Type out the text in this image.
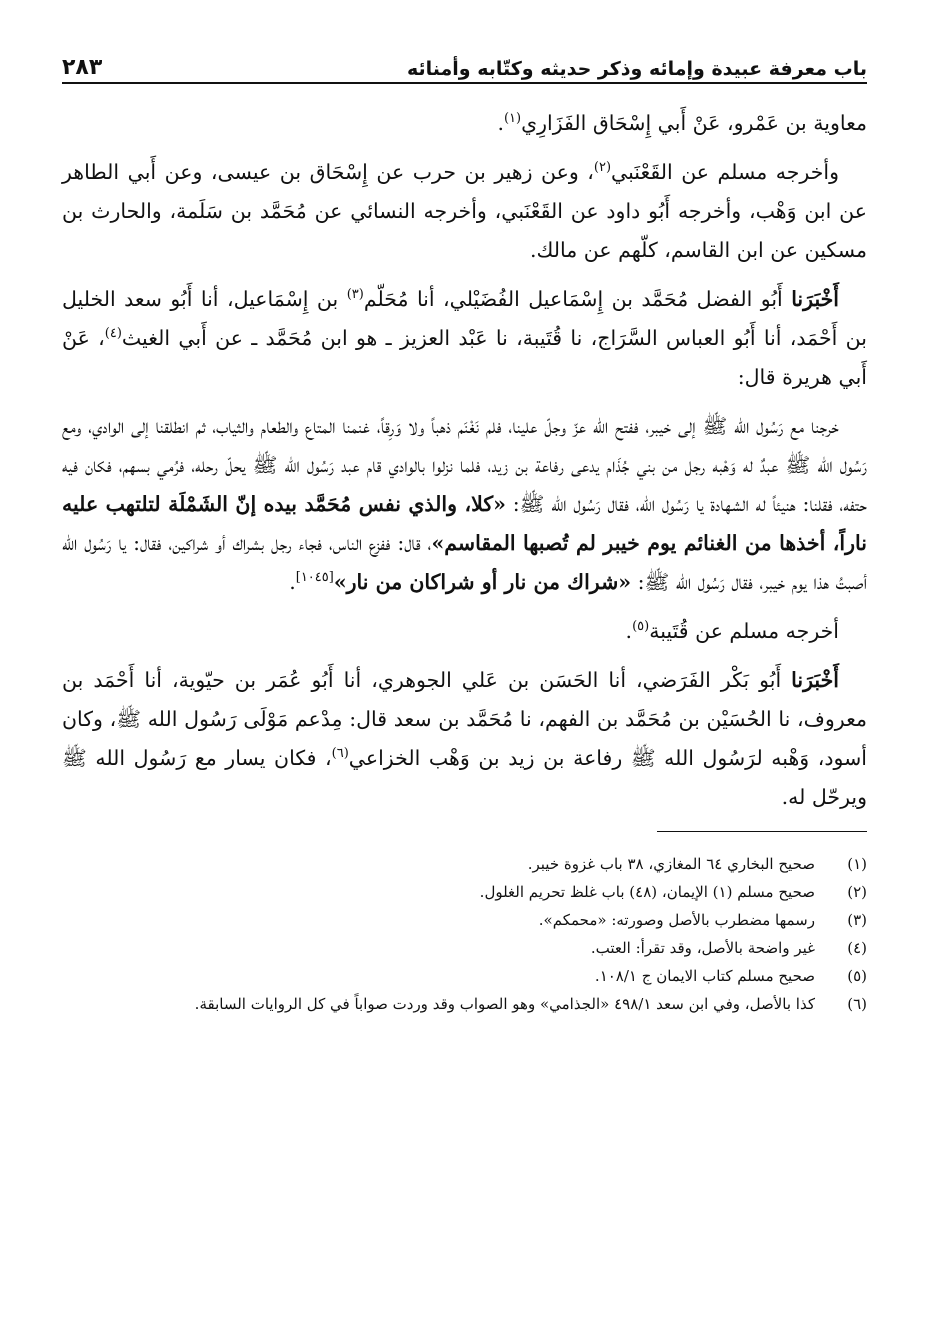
باب معرفة عبيدة وإمائه وذكر حديثه وكتّابه وأمنائه
٢٨٣

معاوية بن عَمْرو، عَنْ أَبي إِسْحَاق الفَزَارِي$^{(١)}$.

وأخرجه مسلم عن القَعْنَبي$^{(٢)}$، وعن زهير بن حرب عن إِسْحَاق بن عيسى، وعن أَبي الطاهر عن ابن وَهْب، وأخرجه أَبُو داود عن القَعْنَبي، وأخرجه النسائي عن مُحَمَّد بن سَلَمة، والحارث بن مسكين عن ابن القاسم، كلّهم عن مالك.

أَخْبَرَنا أَبُو الفضل مُحَمَّد بن إِسْمَاعيل الفُضَيْلي، أنا مُحَلّم$^{(٣)}$ بن إِسْمَاعيل، أنا أَبُو سعد الخليل بن أَحْمَد، أنا أَبُو العباس السَّرَاج، نا قُتَيبة، نا عَبْد العزيز ـ هو ابن مُحَمَّد ـ عن أَبي الغيث$^{(٤)}$، عَنْ أَبي هريرة قال:

خرجنا مع رَسُول الله ﷺ إلى خيبر، ففتح الله عزّ وجلّ علينا، فلم نَغْنَم ذهباً ولا وَرِقاً، غنمنا المتاع والطعام والثياب، ثم انطلقنا إلى الوادي، ومع رَسُول الله ﷺ عبدٌ له وَهْبه رجل من بني جُذَام يدعى رفاعة بن زيد، فلما نزلوا بالوادي قام عبد رَسُول الله ﷺ يحلّ رحله، فرُمي بسهم، فكان فيه حتفه، فقلنا: هنيئاً له الشهادة يا رَسُول الله، فقال رَسُول الله ﷺ: «كلا، والذي نفس مُحَمَّد بيده إنّ الشَمْلَة لتلتهب عليه ناراً، أخذها من الغنائم يوم خيبر لم تُصبها المقاسم»، قال: ففزع الناس، فجاء رجل بشراك أو شراكين، فقال: يا رَسُول الله أصبتُ هذا يوم خيبر، فقال رَسُول الله ﷺ: «شراك من نار أو شراكان من نار»[١٠٤٥].

أخرجه مسلم عن قُتَيبة$^{(٥)}$.

أَخْبَرَنا أَبُو بَكْر الفَرَضي، أنا الحَسَن بن عَلي الجوهري، أنا أَبُو عُمَر بن حيّوية، أنا أَحْمَد بن معروف، نا الحُسَيْن بن مُحَمَّد بن الفهم، نا مُحَمَّد بن سعد قال: مِدْعم مَوْلَى رَسُول الله ﷺ، وكان أسود، وَهْبه لرَسُول الله ﷺ رفاعة بن زيد بن وَهْب الخزاعي$^{(٦)}$، فكان يسار مع رَسُول الله ﷺ ويرحّل له.

(١)
صحيح البخاري ٦٤ المغازي، ٣٨ باب غزوة خيبر.
(٢)
صحيح مسلم (١) الإيمان، (٤٨) باب غلظ تحريم الغلول.
(٣)
رسمها مضطرب بالأصل وصورته: «محمكم».
(٤)
غير واضحة بالأصل، وقد تقرأ: العتب.
(٥)
صحيح مسلم كتاب الايمان ج ١٠٨/١.
(٦)
كذا بالأصل، وفي ابن سعد ٤٩٨/١ «الجذامي» وهو الصواب وقد وردت صواباً في كل الروايات السابقة.
